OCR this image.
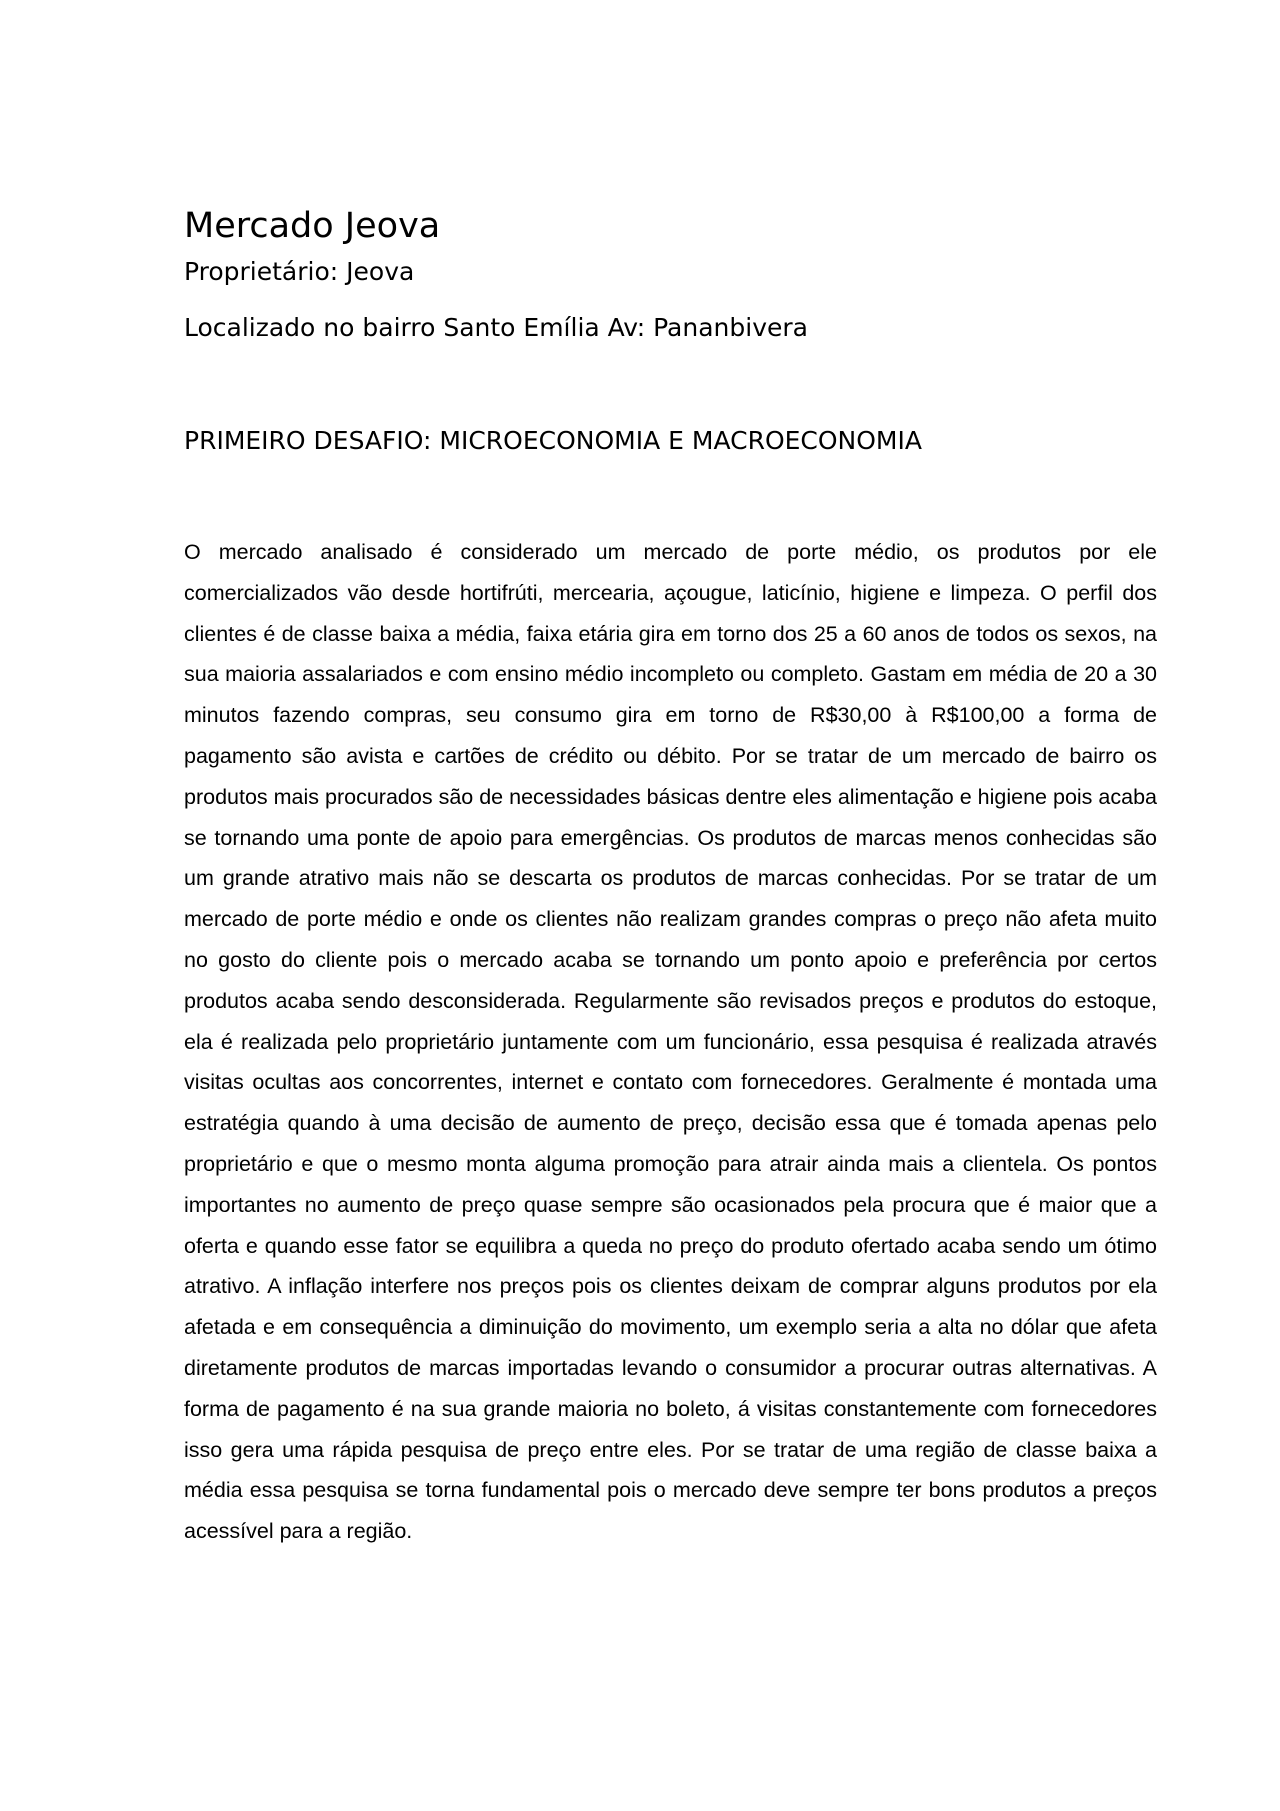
Mercado Jeova

Proprietário: Jeova

Localizado no bairro Santo Emília Av: Pananbivera

PRIMEIRO DESAFIO: MICROECONOMIA E MACROECONOMIA

O mercado analisado é considerado um mercado de porte médio, os produtos por ele comercializados vão desde hortifrúti, mercearia, açougue, laticínio, higiene e limpeza. O perfil dos clientes é de classe baixa a média, faixa etária gira em torno dos 25 a 60 anos de todos os sexos, na sua maioria assalariados e com ensino médio incompleto ou completo. Gastam em média de 20 a 30 minutos fazendo compras, seu consumo gira em torno de R$30,00 à R$100,00 a forma de pagamento são avista e cartões de crédito ou débito. Por se tratar de um mercado de bairro os produtos mais procurados são de necessidades básicas dentre eles alimentação e higiene pois acaba se tornando uma ponte de apoio para emergências. Os produtos de marcas menos conhecidas são um grande atrativo mais não se descarta os produtos de marcas conhecidas. Por se tratar de um mercado de porte médio e onde os clientes não realizam grandes compras o preço não afeta muito no gosto do cliente pois o mercado acaba se tornando um ponto apoio e preferência por certos produtos acaba sendo desconsiderada. Regularmente são revisados preços e produtos do estoque, ela é realizada pelo proprietário juntamente com um funcionário, essa pesquisa é realizada através visitas ocultas aos concorrentes, internet e contato com fornecedores. Geralmente é montada uma estratégia quando à uma decisão de aumento de preço, decisão essa que é tomada apenas pelo proprietário e que o mesmo monta alguma promoção para atrair ainda mais a clientela. Os pontos importantes no aumento de preço quase sempre são ocasionados pela procura que é maior que a oferta e quando esse fator se equilibra a queda no preço do produto ofertado acaba sendo um ótimo atrativo. A inflação interfere nos preços pois os clientes deixam de comprar alguns produtos por ela afetada e em consequência a diminuição do movimento, um exemplo seria a alta no dólar que afeta diretamente produtos de marcas importadas levando o consumidor a procurar outras alternativas. A forma de pagamento é na sua grande maioria no boleto, á visitas constantemente com fornecedores isso gera uma rápida pesquisa de preço entre eles. Por se tratar de uma região de classe baixa a média essa pesquisa se torna fundamental pois o mercado deve sempre ter bons produtos a preços acessível para a região.
